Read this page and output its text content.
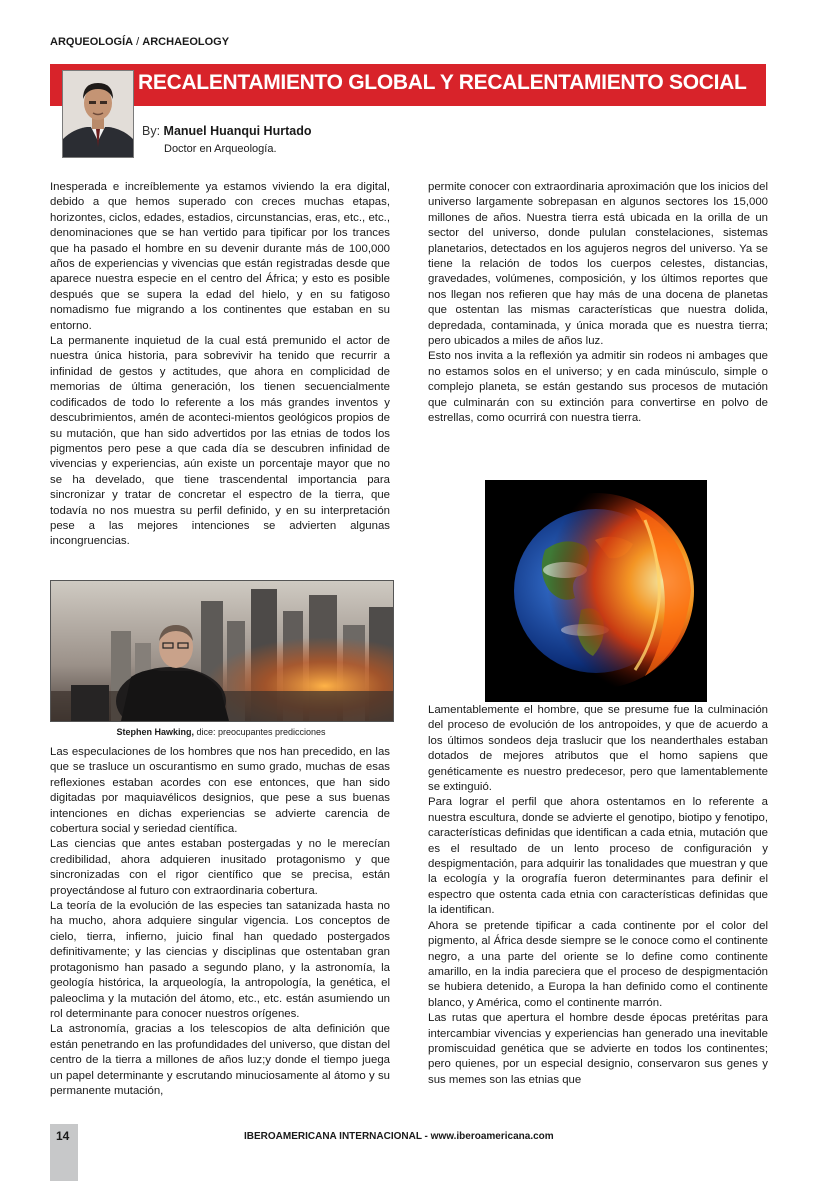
ARQUEOLOGÍA / ARCHAEOLOGY
RECALENTAMIENTO GLOBAL Y RECALENTAMIENTO SOCIAL
By: Manuel Huanqui Hurtado
Doctor en Arqueología.

Inesperada e increíblemente ya estamos viviendo la era digital, debido a que hemos superado con creces muchas etapas, horizontes, ciclos, edades, estadios, circunstancias, eras, etc., etc., denominaciones que se han vertido para tipificar por los trances que ha pasado el hombre en su devenir durante más de 100,000 años de experiencias y vivencias que están registradas desde que aparece nuestra especie en el centro del África; y esto es posible después que se supera la edad del hielo, y en su fatigoso nomadismo fue migrando a los continentes que estaban en su entorno.

La permanente inquietud de la cual está premunido el actor de nuestra única historia, para sobrevivir ha tenido que recurrir a infinidad de gestos y actitudes, que ahora en complicidad de memorias de última generación, los tienen secuencialmente codificados de todo lo referente a los más grandes inventos y descubrimientos, amén de aconteci-mientos geológicos propios de su mutación, que han sido advertidos por las etnias de todos los pigmentos pero pese a que cada día se descubren infinidad de vivencias y experiencias, aún existe un porcentaje mayor que no se ha develado, que tiene trascendental importancia para sincronizar y tratar de concretar el espectro de la tierra, que todavía no nos muestra su perfil definido, y en su interpretación pese a las mejores intenciones se advierten algunas incongruencias.

Stephen Hawking, dice: preocupantes predicciones

Las especulaciones de los hombres que nos han precedido, en las que se trasluce un oscurantismo en sumo grado, muchas de esas reflexiones estaban acordes con ese entonces, que han sido digitadas por maquiavélicos designios, que pese a sus buenas intenciones en dichas experiencias se advierte carencia de cobertura social y seriedad científica.

Las ciencias que antes estaban postergadas y no le merecían credibilidad, ahora adquieren inusitado protagonismo y que sincronizadas con el rigor científico que se precisa, están proyectándose al futuro con extraordinaria cobertura.

La teoría de la evolución de las especies tan satanizada hasta no ha mucho, ahora adquiere singular vigencia. Los conceptos de cielo, tierra, infierno, juicio final han quedado postergados definitivamente; y las ciencias y disciplinas que ostentaban gran protagonismo han pasado a segundo plano, y la astronomía, la geología histórica, la arqueología, la antropología, la genética, el paleoclima y la mutación del átomo, etc., etc. están asumiendo un rol determinante para conocer nuestros orígenes.

La astronomía, gracias a los telescopios de alta definición que están penetrando en las profundidades del universo, que distan del centro de la tierra a millones de años luz;y donde el tiempo juega un papel determinante y escrutando minuciosamente al átomo y su permanente mutación,

permite conocer con extraordinaria aproximación que los inicios del universo largamente sobrepasan en algunos sectores los 15,000 millones de años. Nuestra tierra está ubicada en la orilla de un sector del universo, donde pululan constelaciones, sistemas planetarios, detectados en los agujeros negros del universo. Ya se tiene la relación de todos los cuerpos celestes, distancias, gravedades, volúmenes, composición, y los últimos reportes que nos llegan nos refieren que hay más de una docena de planetas que ostentan las mismas características que nuestra dolida, depredada, contaminada, y única morada que es nuestra tierra; pero ubicados a miles de años luz.

Esto nos invita a la reflexión ya admitir sin rodeos ni ambages que no estamos solos en el universo; y en cada minúsculo, simple o complejo planeta, se están gestando sus procesos de mutación que culminarán con su extinción para convertirse en polvo de estrellas, como ocurrirá con nuestra tierra.

Lamentablemente el hombre, que se presume fue la culminación del proceso de evolución de los antropoides, y que de acuerdo a los últimos sondeos deja traslucir que los neanderthales estaban dotados de mejores atributos que el homo sapiens que genéticamente es nuestro predecesor, pero que lamentablemente se extinguió.

Para lograr el perfil que ahora ostentamos en lo referente a nuestra escultura, donde se advierte el genotipo, biotipo y fenotipo, características definidas que identifican a cada etnia, mutación que es el resultado de un lento proceso de configuración y despigmentación, para adquirir las tonalidades que muestran y que la ecología y la orografía fueron determinantes para definir el espectro que ostenta cada etnia con características definidas que la identifican.

Ahora se pretende tipificar a cada continente por el color del pigmento, al África desde siempre se le conoce como el continente negro, a una parte del oriente se lo define como continente amarillo, en la india pareciera que el proceso de despigmentación se hubiera detenido, a Europa la han definido como el continente blanco, y América, como el continente marrón.

Las rutas que apertura el hombre desde épocas pretéritas para intercambiar vivencias y experiencias han generado una inevitable promiscuidad genética que se advierte en todos los continentes; pero quienes, por un especial designio, conservaron sus genes y sus memes son las etnias que

14	IBEROAMERICANA INTERNACIONAL - www.iberoamericana.com
